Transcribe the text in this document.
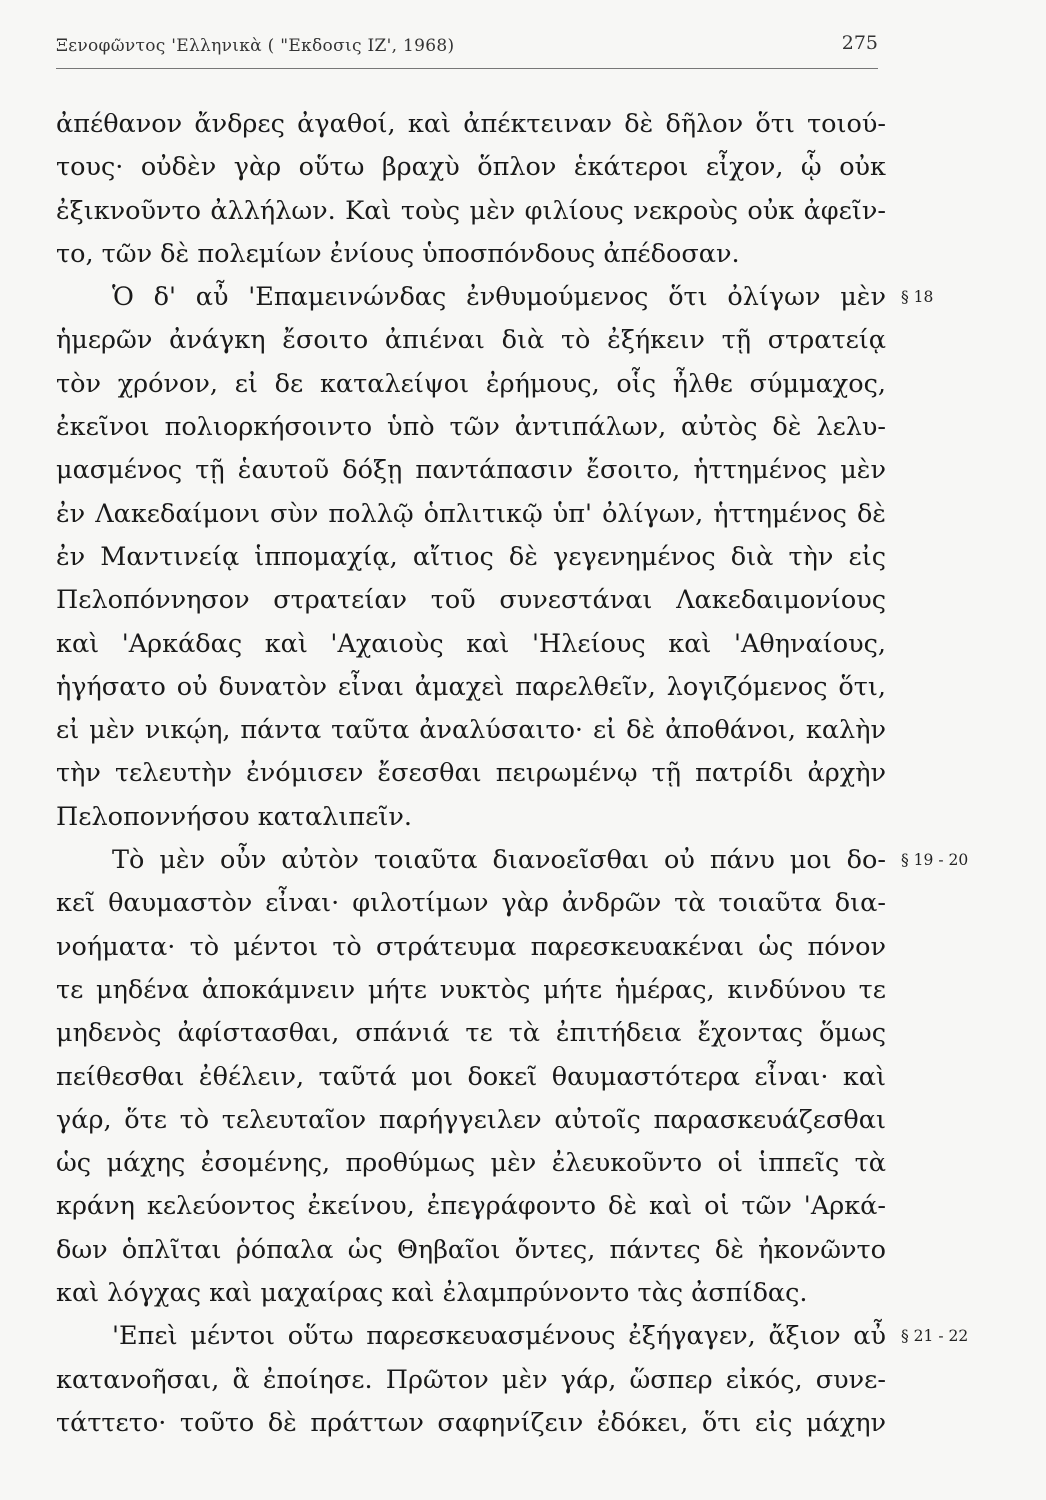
Ξενοφῶντος 'Ελληνικὰ ( "Εκδοσις ΙΖ', 1968)	275
ἀπέθανον ἄνδρες ἀγαθοί, καὶ ἀπέκτειναν δὲ δῆλον ὅτι τοιού-
τους· οὐδὲν γὰρ οὕτω βραχὺ ὅπλον ἑκάτεροι εἶχον, ᾧ οὐκ
ἐξικνοῦντο ἀλλήλων. Καὶ τοὺς μὲν φιλίους νεκροὺς οὐκ ἀφεῖν-
το, τῶν δὲ πολεμίων ἐνίους ὑποσπόνδους ἀπέδοσαν.
Ὁ δ' αὖ 'Επαμεινώνδας ἐνθυμούμενος ὅτι ὀλίγων μὲν § 18
ἡμερῶν ἀνάγκη ἔσοιτο ἀπιέναι διὰ τὸ ἐξήκειν τῇ στρατείᾳ
τὸν χρόνον, εἰ δε καταλείψοι ἐρήμους, οἷς ἦλθε σύμμαχος,
ἐκεῖνοι πολιορκήσοιντο ὑπὸ τῶν ἀντιπάλων, αὐτὸς δὲ λελυ-
μασμένος τῇ ἑαυτοῦ δόξῃ παντάπασιν ἔσοιτο, ἡττημένος μὲν
ἐν Λακεδαίμονι σὺν πολλῷ ὁπλιτικῷ ὑπ' ὀλίγων, ἡττημένος δὲ
ἐν Μαντινείᾳ ἱππομαχίᾳ, αἴτιος δὲ γεγενημένος διὰ τὴν εἰς
Πελοπόννησον στρατείαν τοῦ συνεστάναι Λακεδαιμονίους
καὶ 'Αρκάδας καὶ 'Αχαιοὺς καὶ 'Ηλείους καὶ 'Αθηναίους,
ἡγήσατο οὐ δυνατὸν εἶναι ἀμαχεὶ παρελθεῖν, λογιζόμενος ὅτι,
εἰ μὲν νικῴη, πάντα ταῦτα ἀναλύσαιτο· εἰ δὲ ἀποθάνοι, καλὴν
τὴν τελευτὴν ἐνόμισεν ἔσεσθαι πειρωμένῳ τῇ πατρίδι ἀρχὴν
Πελοποννήσου καταλιπεῖν.
Τὸ μὲν οὖν αὐτὸν τοιαῦτα διανοεῖσθαι οὐ πάνυ μοι δο- § 19 - 20
κεῖ θαυμαστὸν εἶναι· φιλοτίμων γὰρ ἀνδρῶν τὰ τοιαῦτα δια-
νοήματα· τὸ μέντοι τὸ στράτευμα παρεσκευακέναι ὡς πόνον
τε μηδένα ἀποκάμνειν μήτε νυκτὸς μήτε ἡμέρας, κινδύνου τε
μηδενὸς ἀφίστασθαι, σπάνιά τε τὰ ἐπιτήδεια ἔχοντας ὅμως
πείθεσθαι ἐθέλειν, ταῦτά μοι δοκεῖ θαυμαστότερα εἶναι· καὶ
γάρ, ὅτε τὸ τελευταῖον παρήγγειλεν αὐτοῖς παρασκευάζεσθαι
ὡς μάχης ἐσομένης, προθύμως μὲν ἐλευκοῦντο οἱ ἱππεῖς τὰ
κράνη κελεύοντος ἐκείνου, ἐπεγράφοντο δὲ καὶ οἱ τῶν 'Αρκά-
δων ὁπλῖται ῥόπαλα ὡς Θηβαῖοι ὄντες, πάντες δὲ ἠκονῶντο
καὶ λόγχας καὶ μαχαίρας καὶ ἐλαμπρύνοντο τὰς ἀσπίδας.
'Επεὶ μέντοι οὕτω παρεσκευασμένους ἐξήγαγεν, ἄξιον αὖ § 21 - 22
κατανοῆσαι, ἃ ἐποίησε. Πρῶτον μὲν γάρ, ὥσπερ εἰκός, συνε-
τάττετο· τοῦτο δὲ πράττων σαφηνίζειν ἐδόκει, ὅτι εἰς μάχην
